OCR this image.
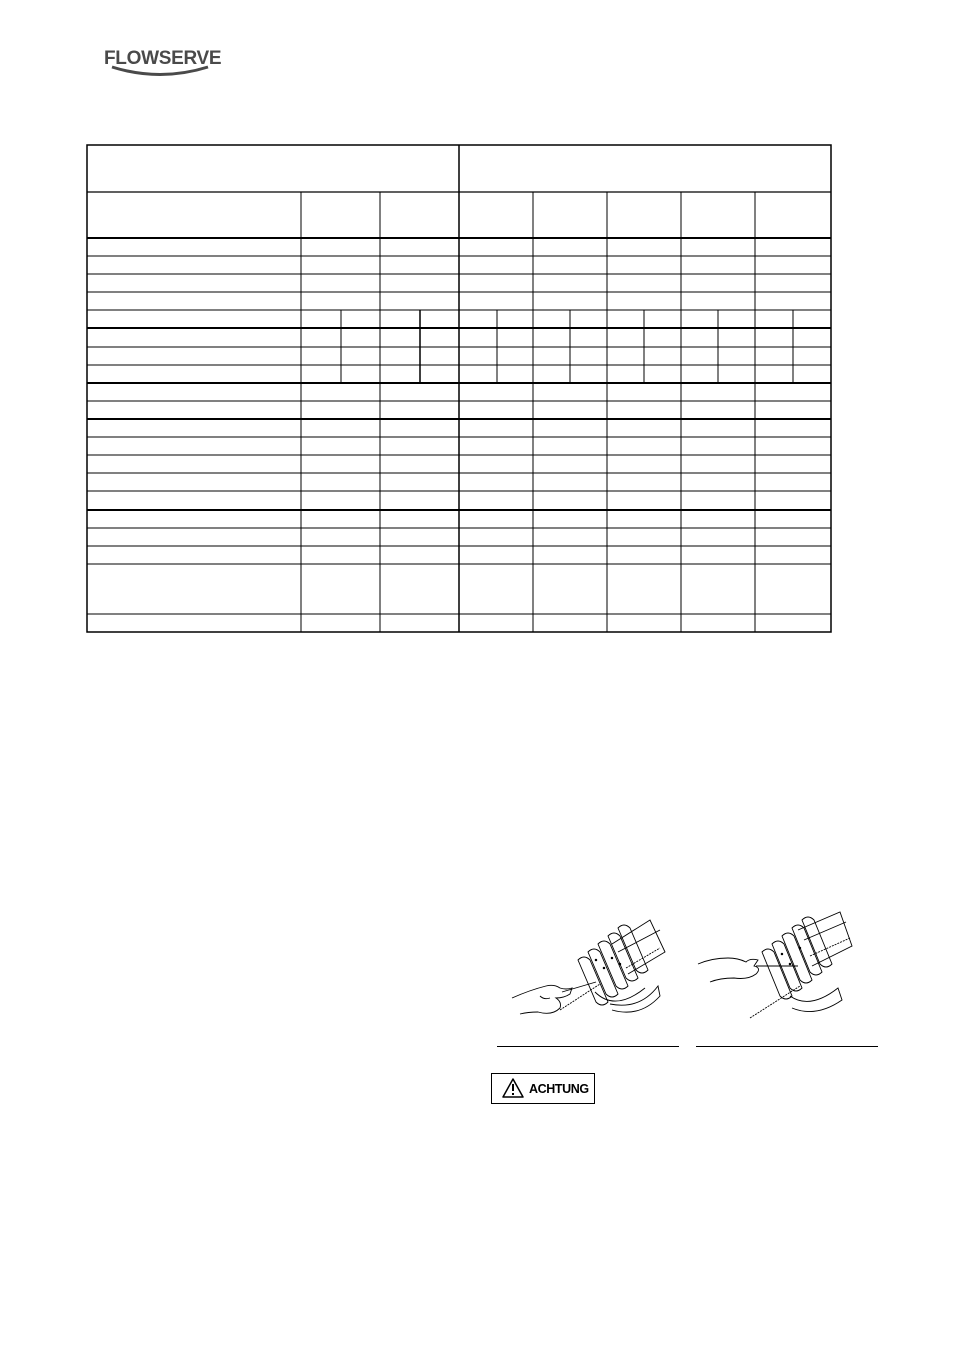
FLOWSERVE
ACHTUNG
